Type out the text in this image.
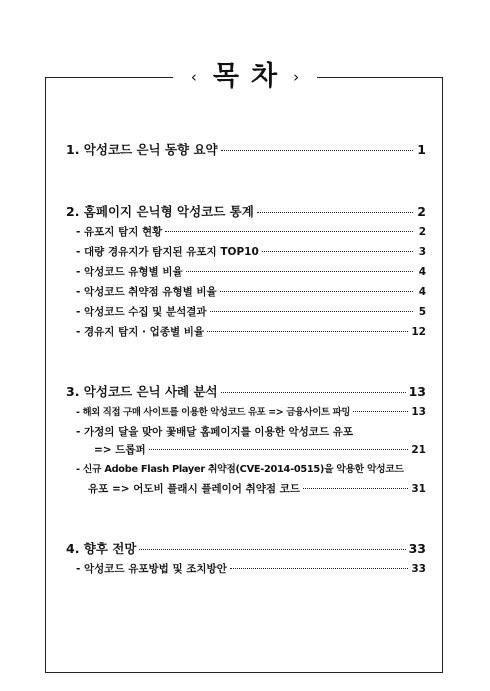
‹ 목 차 ›
1. 악성코드 은닉 동향 요약	1
2. 홈페이지 은닉형 악성코드 통계	2
- 유포지 탐지 현황	2
- 대량 경유지가 탐지된 유포지 TOP10	3
- 악성코드 유형별 비율	4
- 악성코드 취약점 유형별 비율	4
- 악성코드 수집 및 분석결과	5
- 경유지 탐지 · 업종별 비율	12
3. 악성코드 은닉 사례 분석	13
- 해외 직접 구매 사이트를 이용한 악성코드 유포 => 금융사이트 파밍	13
- 가정의 달을 맞아 꽃배달 홈페이지를 이용한 악성코드 유포
=> 드롭퍼	21
- 신규 Adobe Flash Player 취약점(CVE-2014-0515)을 악용한 악성코드
유포 => 어도비 플래시 플레이어 취약점 코드	31
4. 향후 전망	33
- 악성코드 유포방법 및 조치방안	33
